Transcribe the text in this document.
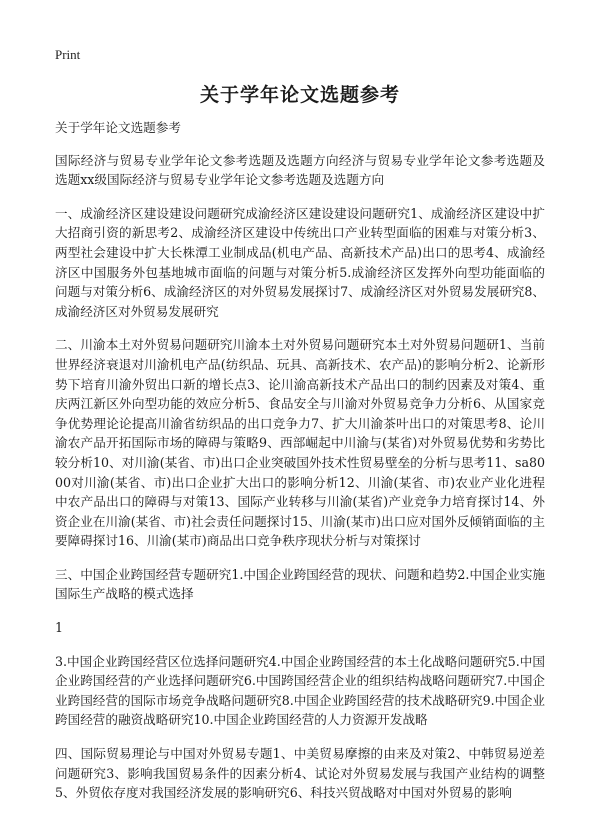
Print
关于学年论文选题参考

关于学年论文选题参考

国际经济与贸易专业学年论文参考选题及选题方向经济与贸易专业学年论文参考选题及选题xx级国际经济与贸易专业学年论文参考选题及选题方向

一、成渝经济区建设建设问题研究成渝经济区建设建设问题研究1、成渝经济区建设中扩大招商引资的新思考2、成渝经济区建设中传统出口产业转型面临的困难与对策分析3、两型社会建设中扩大长株潭工业制成品(机电产品、高新技术产品)出口的思考4、成渝经济区中国服务外包基地城市面临的问题与对策分析5.成渝经济区发挥外向型功能面临的问题与对策分析6、成渝经济区的对外贸易发展探讨7、成渝经济区对外贸易发展研究8、成渝经济区对外贸易发展研究

二、川渝本土对外贸易问题研究川渝本土对外贸易问题研究本土对外贸易问题研1、当前世界经济衰退对川渝机电产品(纺织品、玩具、高新技术、农产品)的影响分析2、论新形势下培育川渝外贸出口新的增长点3、论川渝高新技术产品出口的制约因素及对策4、重庆两江新区外向型功能的效应分析5、食品安全与川渝对外贸易竞争力分析6、从国家竞争优势理论论提高川渝省纺织品的出口竞争力7、扩大川渝茶叶出口的对策思考8、论川渝农产品开拓国际市场的障碍与策略9、西部崛起中川渝与(某省)对外贸易优势和劣势比较分析10、对川渝(某省、市)出口企业突破国外技术性贸易壁垒的分析与思考11、sa8000对川渝(某省、市)出口企业扩大出口的影响分析12、川渝(某省、市)农业产业化进程中农产品出口的障碍与对策13、国际产业转移与川渝(某省)产业竞争力培育探讨14、外资企业在川渝(某省、市)社会责任问题探讨15、川渝(某市)出口应对国外反倾销面临的主要障碍探讨16、川渝(某市)商品出口竞争秩序现状分析与对策探讨

三、中国企业跨国经营专题研究1.中国企业跨国经营的现状、问题和趋势2.中国企业实施国际生产战略的模式选择

1

3.中国企业跨国经营区位选择问题研究4.中国企业跨国经营的本土化战略问题研究5.中国企业跨国经营的产业选择问题研究6.中国跨国经营企业的组织结构战略问题研究7.中国企业跨国经营的国际市场竞争战略问题研究8.中国企业跨国经营的技术战略研究9.中国企业跨国经营的融资战略研究10.中国企业跨国经营的人力资源开发战略

四、国际贸易理论与中国对外贸易专题1、中美贸易摩擦的由来及对策2、中韩贸易逆差问题研究3、影响我国贸易条件的因素分析4、试论对外贸易发展与我国产业结构的调整5、外贸依存度对我国经济发展的影响研究6、科技兴贸战略对中国对外贸易的影响
